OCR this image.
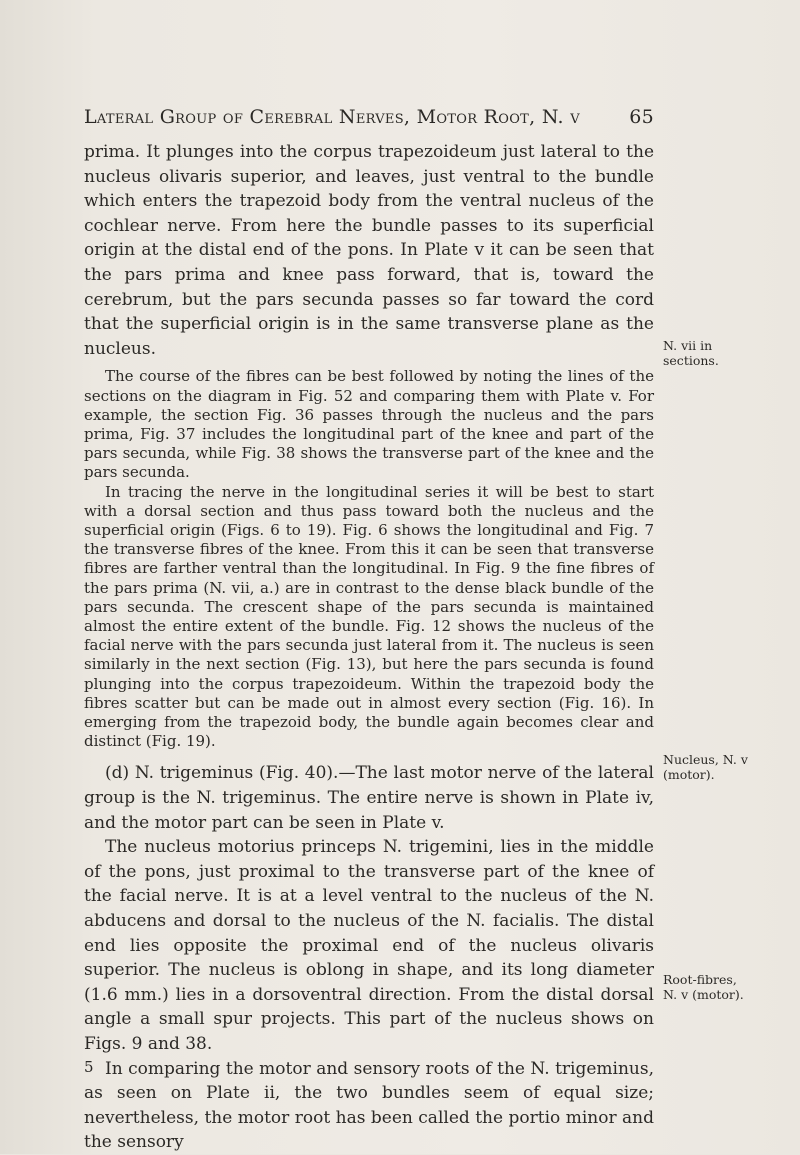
Lateral Group of Cerebral Nerves, Motor Root, N. v	65

prima. It plunges into the corpus trapezoideum just lateral to the nucleus olivaris superior, and leaves, just ventral to the bundle which enters the trapezoid body from the ventral nucleus of the cochlear nerve. From here the bundle passes to its superficial origin at the distal end of the pons. In Plate v it can be seen that the pars prima and knee pass forward, that is, toward the cerebrum, but the pars secunda passes so far toward the cord that the superficial origin is in the same transverse plane as the nucleus.

The course of the fibres can be best followed by noting the lines of the sections on the diagram in Fig. 52 and comparing them with Plate v. For example, the section Fig. 36 passes through the nucleus and the pars prima, Fig. 37 includes the longitudinal part of the knee and part of the pars secunda, while Fig. 38 shows the transverse part of the knee and the pars secunda.

In tracing the nerve in the longitudinal series it will be best to start with a dorsal section and thus pass toward both the nucleus and the superficial origin (Figs. 6 to 19). Fig. 6 shows the longitudinal and Fig. 7 the transverse fibres of the knee. From this it can be seen that transverse fibres are farther ventral than the longitudinal. In Fig. 9 the fine fibres of the pars prima (N. vii, a.) are in contrast to the dense black bundle of the pars secunda. The crescent shape of the pars secunda is maintained almost the entire extent of the bundle. Fig. 12 shows the nucleus of the facial nerve with the pars secunda just lateral from it. The nucleus is seen similarly in the next section (Fig. 13), but here the pars secunda is found plunging into the corpus trapezoideum. Within the trapezoid body the fibres scatter but can be made out in almost every section (Fig. 16). In emerging from the trapezoid body, the bundle again becomes clear and distinct (Fig. 19).

(d) N. trigeminus (Fig. 40).—The last motor nerve of the lateral group is the N. trigeminus. The entire nerve is shown in Plate iv, and the motor part can be seen in Plate v.

The nucleus motorius princeps N. trigemini, lies in the middle of the pons, just proximal to the transverse part of the knee of the facial nerve. It is at a level ventral to the nucleus of the N. abducens and dorsal to the nucleus of the N. facialis. The distal end lies opposite the proximal end of the nucleus olivaris superior. The nucleus is oblong in shape, and its long diameter (1.6 mm.) lies in a dorsoventral direction. From the distal dorsal angle a small spur projects. This part of the nucleus shows on Figs. 9 and 38.

In comparing the motor and sensory roots of the N. trigeminus, as seen on Plate ii, the two bundles seem of equal size; nevertheless, the motor root has been called the portio minor and the sensory

N. vii in
sections.
Nucleus, N. v
(motor).
Root-fibres,
N. v (motor).
5
